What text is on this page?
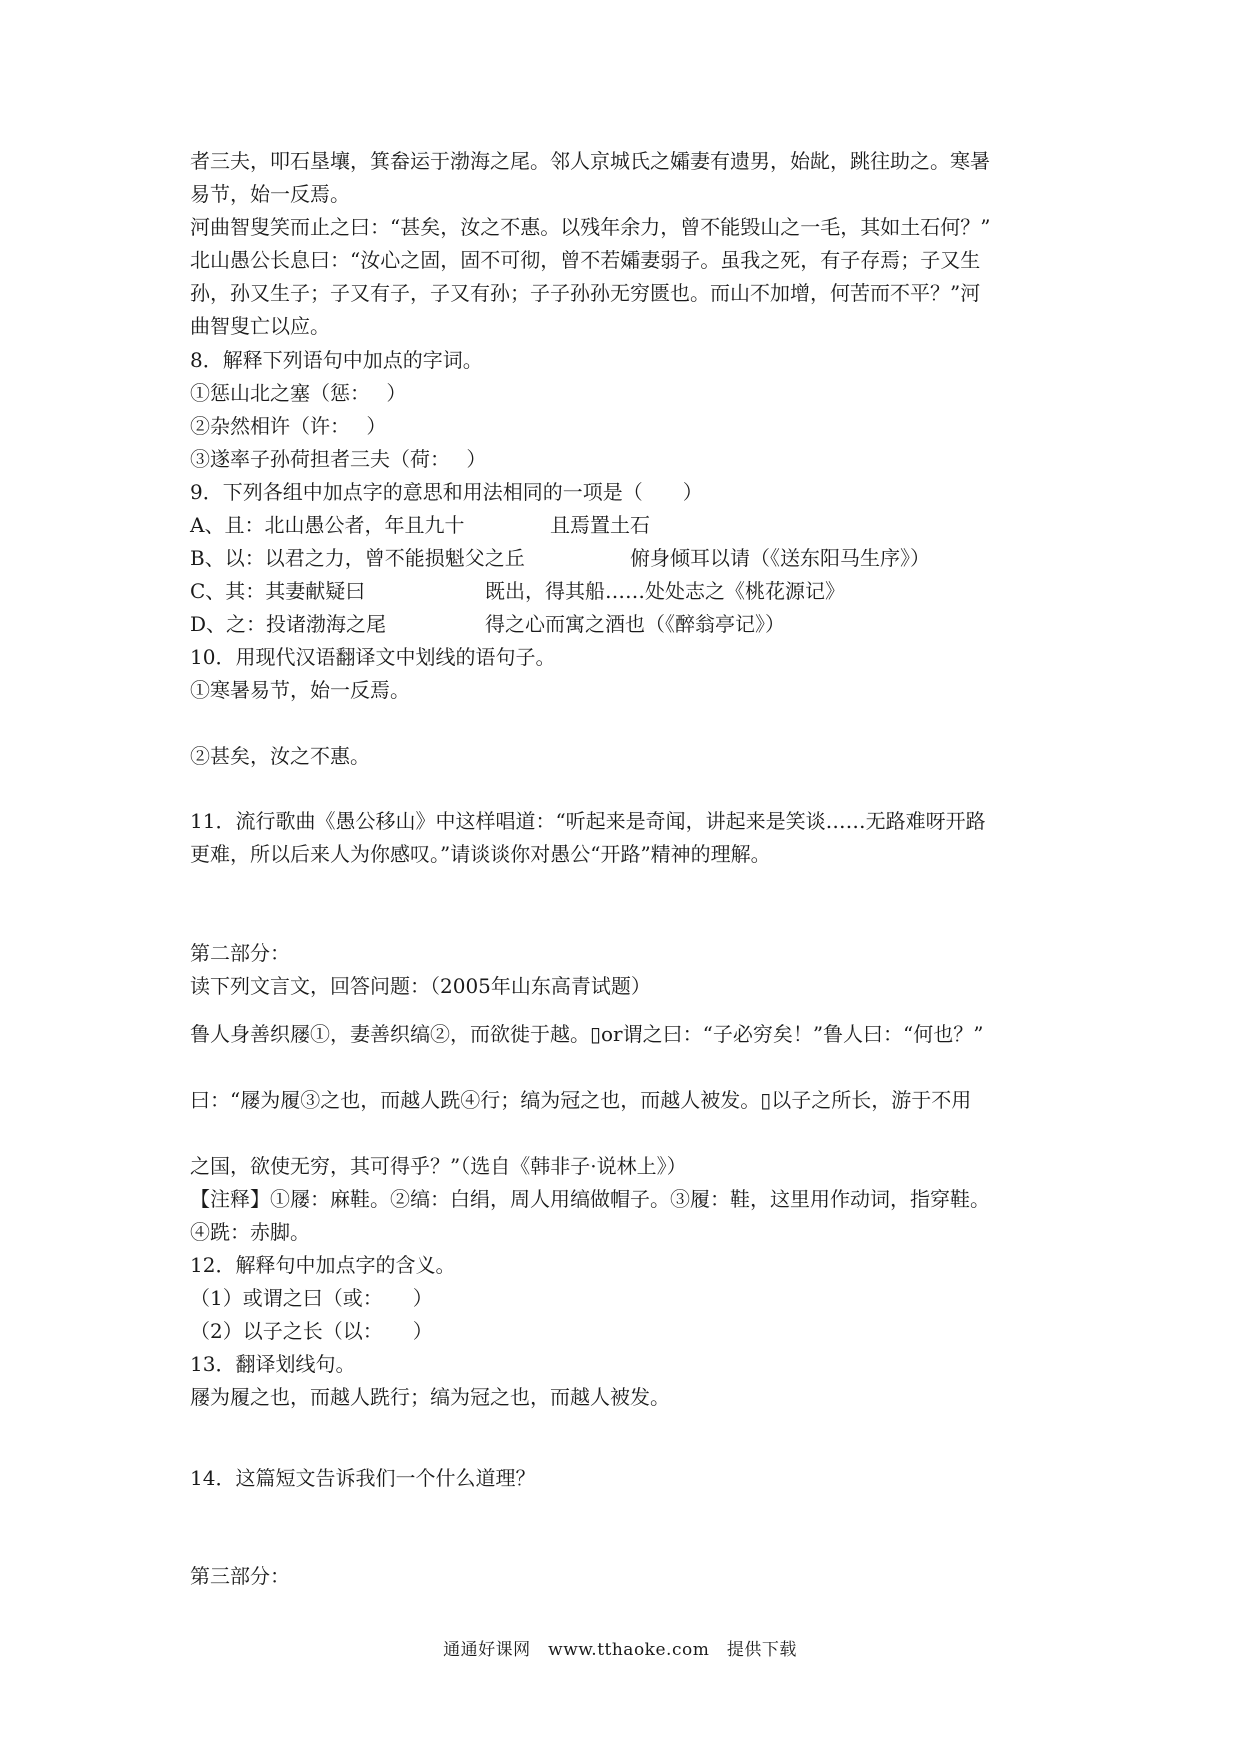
者三夫，叩石垦壤，箕畚运于渤海之尾。邻人京城氏之孀妻有遗男，始龀，跳往助之。寒暑
易节，始一反焉。
河曲智叟笑而止之曰：“甚矣，汝之不惠。以残年余力，曾不能毁山之一毛，其如土石何？”
北山愚公长息曰：“汝心之固，固不可彻，曾不若孀妻弱子。虽我之死，有子存焉；子又生
孙，孙又生子；子又有子，子又有孙；子子孙孙无穷匮也。而山不加增，何苦而不平？”河
曲智叟亡以应。
8．解释下列语句中加点的字词。
①惩山北之塞（惩：　 ）
②杂然相许（许：　 ）
③遂率子孙荷担者三夫（荷：　 ）
9．下列各组中加点字的意思和用法相同的一项是（　　）
A、且：北山愚公者，年且九十	且焉置土石
B、以：以君之力，曾不能损魁父之丘	俯身倾耳以请（《送东阳马生序》）
C、其：其妻献疑曰	既出，得其船……处处志之《桃花源记》
D、之：投诸渤海之尾	得之心而寓之酒也（《醉翁亭记》）
10．用现代汉语翻译文中划线的语句子。
①寒暑易节，始一反焉。
②甚矣，汝之不惠。
11．流行歌曲《愚公移山》中这样唱道：“听起来是奇闻，讲起来是笑谈……无路难呀开路
更难，所以后来人为你感叹。”请谈谈你对愚公“开路”精神的理解。
第二部分：
读下列文言文，回答问题：（2005年山东高青试题）
鲁人身善织屦①，妻善织缟②，而欲徙于越。▯or谓之曰：“子必穷矣！”鲁人曰：“何也？”
曰：“屦为履③之也，而越人跣④行；缟为冠之也，而越人被发。▯以子之所长，游于不用
之国，欲使无穷，其可得乎？”（选自《韩非子·说林上》）
【注释】①屦：麻鞋。②缟：白绢，周人用缟做帽子。③履：鞋，这里用作动词，指穿鞋。
④跣：赤脚。
12．解释句中加点字的含义。
（1）或谓之曰（或：　　）
（2）以子之长（以：　　）
13．翻译划线句。
屦为履之也，而越人跣行；缟为冠之也，而越人被发。
14．这篇短文告诉我们一个什么道理？
第三部分：
通通好课网　www.tthaoke.com　提供下载
